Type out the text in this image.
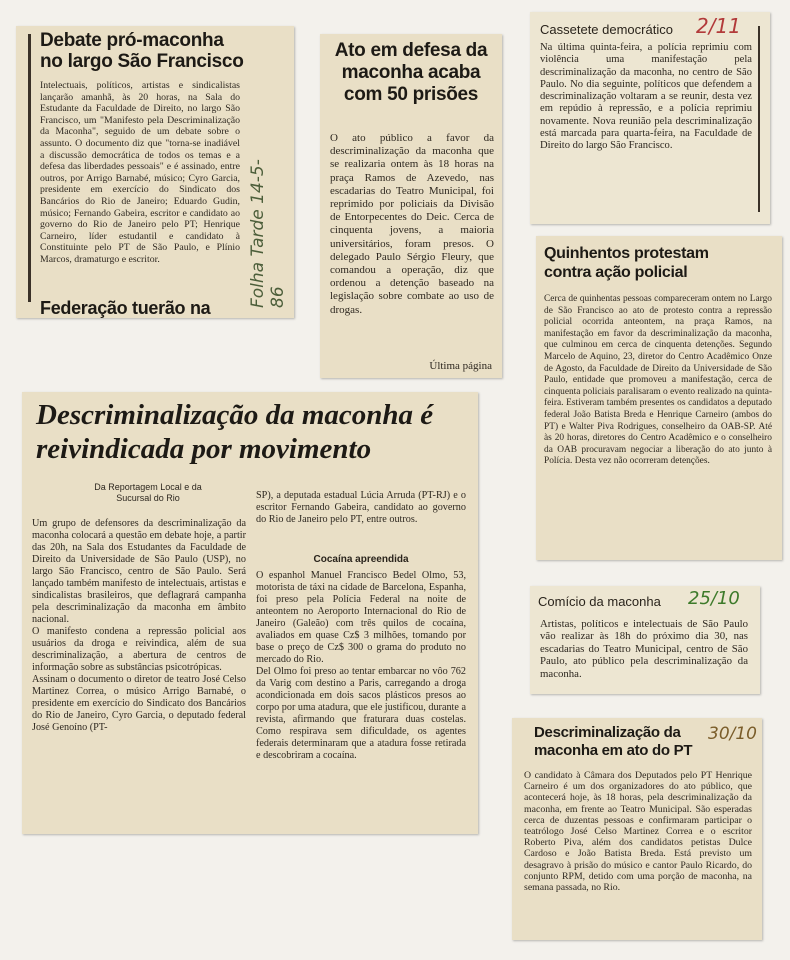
Debate pró-maconha no largo São Francisco

Intelectuais, políticos, artistas e sindicalistas lançarão amanhã, às 20 horas, na Sala do Estudante da Faculdade de Direito, no largo São Francisco, um "Manifesto pela Descriminalização da Maconha", seguido de um debate sobre o assunto. O documento diz que "torna-se inadiável a discussão democrática de todos os temas e a defesa das liberdades pessoais" e é assinado, entre outros, por Arrigo Barnabé, músico; Cyro Garcia, presidente em exercício do Sindicato dos Bancários do Rio de Janeiro; Eduardo Gudin, músico; Fernando Gabeira, escritor e candidato ao governo do Rio de Janeiro pelo PT; Henrique Carneiro, líder estudantil e candidato à Constituinte pelo PT de São Paulo, e Plínio Marcos, dramaturgo e escritor.

Federação tuerão na	Folha Tarde 14-5-86
Ato em defesa da maconha acaba com 50 prisões

O ato público a favor da descriminalização da maconha que se realizaria ontem às 18 horas na praça Ramos de Azevedo, nas escadarias do Teatro Municipal, foi reprimido por policiais da Divisão de Entorpecentes do Deic. Cerca de cinquenta jovens, a maioria universitários, foram presos. O delegado Paulo Sérgio Fleury, que comandou a operação, diz que ordenou a detenção baseado na legislação sobre combate ao uso de drogas.

Última página
Cassetete democrático 2/11

Na última quinta-feira, a polícia reprimiu com violência uma manifestação pela descriminalização da maconha, no centro de São Paulo. No dia seguinte, políticos que defendem a descriminalização voltaram a se reunir, desta vez em repúdio à repressão, e a polícia reprimiu novamente. Nova reunião pela descriminalização está marcada para quarta-feira, na Faculdade de Direito do largo São Francisco.

Quinhentos protestam contra ação policial

Cerca de quinhentas pessoas compareceram ontem no Largo de São Francisco ao ato de protesto contra a repressão policial ocorrida anteontem, na praça Ramos, na manifestação em favor da descriminalização da maconha, que culminou em cerca de cinquenta detenções. Segundo Marcelo de Aquino, 23, diretor do Centro Acadêmico Onze de Agosto, da Faculdade de Direito da Universidade de São Paulo, entidade que promoveu a manifestação, cerca de cinquenta policiais paralisaram o evento realizado na quinta-feira. Estiveram também presentes os candidatos a deputado federal João Batista Breda e Henrique Carneiro (ambos do PT) e Walter Piva Rodrigues, conselheiro da OAB-SP. Até às 20 horas, diretores do Centro Acadêmico e o conselheiro da OAB procuravam negociar a liberação do ato junto à Polícia. Desta vez não ocorreram detenções.

Descriminalização da maconha é reivindicada por movimento
Da Reportagem Local e da Sucursal do Rio

Um grupo de defensores da descriminalização da maconha colocará a questão em debate hoje, a partir das 20h, na Sala dos Estudantes da Faculdade de Direito da Universidade de São Paulo (USP), no largo São Francisco, centro de São Paulo. Será lançado também manifesto de intelectuais, artistas e sindicalistas brasileiros, que deflagrará campanha pela descriminalização da maconha em âmbito nacional.
O manifesto condena a repressão policial aos usuários da droga e reivindica, além de sua descriminalização, a abertura de centros de informação sobre as substâncias psicotrópicas.
Assinam o documento o diretor de teatro José Celso Martinez Correa, o músico Arrigo Barnabé, o presidente em exercício do Sindicato dos Bancários do Rio de Janeiro, Cyro Garcia, o deputado federal José Genoíno (PT-

SP), a deputada estadual Lúcia Arruda (PT-RJ) e o escritor Fernando Gabeira, candidato ao governo do Rio de Janeiro pelo PT, entre outros.

Cocaína apreendida

O espanhol Manuel Francisco Bedel Olmo, 53, motorista de táxi na cidade de Barcelona, Espanha, foi preso pela Polícia Federal na noite de anteontem no Aeroporto Internacional do Rio de Janeiro (Galeão) com três quilos de cocaína, avaliados em quase Cz$ 3 milhões, tomando por base o preço de Cz$ 300 o grama do produto no mercado do Rio.
Del Olmo foi preso ao tentar embarcar no vôo 762 da Varig com destino a Paris, carregando a droga acondicionada em dois sacos plásticos presos ao corpo por uma atadura, que ele justificou, durante a revista, afirmando que fraturara duas costelas. Como respirava sem dificuldade, os agentes federais determinaram que a atadura fosse retirada e descobriram a cocaína.

Comício da maconha 25/10

Artistas, políticos e intelectuais de São Paulo vão realizar às 18h do próximo dia 30, nas escadarias do Teatro Municipal, centro de São Paulo, ato público pela descriminalização da maconha.

Descriminalização da maconha em ato do PT
30/10

O candidato à Câmara dos Deputados pelo PT Henrique Carneiro é um dos organizadores do ato público, que acontecerá hoje, às 18 horas, pela descriminalização da maconha, em frente ao Teatro Municipal. São esperadas cerca de duzentas pessoas e confirmaram participar o teatrólogo José Celso Martinez Correa e o escritor Roberto Piva, além dos candidatos petistas Dulce Cardoso e João Batista Breda. Está previsto um desagravo à prisão do músico e cantor Paulo Ricardo, do conjunto RPM, detido com uma porção de maconha, na semana passada, no Rio.
